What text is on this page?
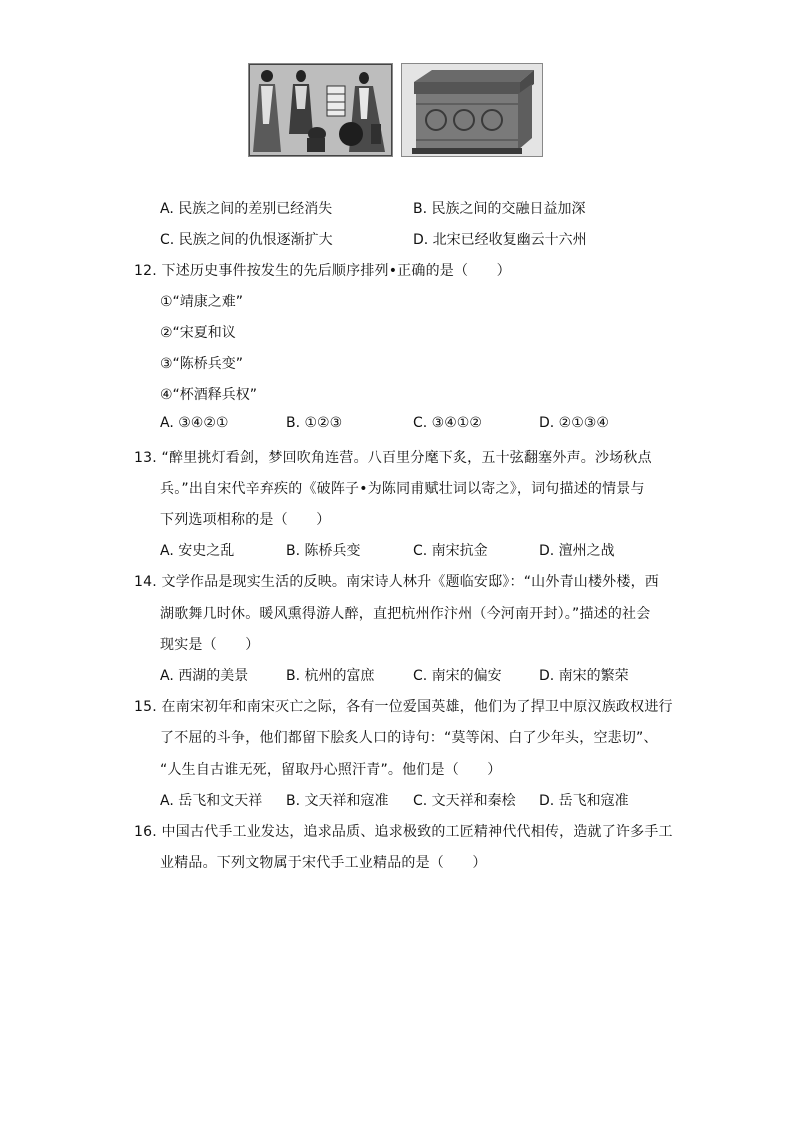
A. 民族之间的差别已经消失	B. 民族之间的交融日益加深
C. 民族之间的仇恨逐渐扩大	D. 北宋已经收复幽云十六州
12. 下述历史事件按发生的先后顺序排列•正确的是（　　）
①“靖康之难”
②“宋夏和议
③“陈桥兵变”
④“杯酒释兵权”
A. ③④②①	B. ①②③	C. ③④①②	D. ②①③④
13. “醉里挑灯看剑，梦回吹角连营。八百里分麾下炙，五十弦翻塞外声。沙场秋点
兵。”出自宋代辛弃疾的《破阵子•为陈同甫赋壮词以寄之》，词句描述的情景与
下列选项相称的是（　　）
A. 安史之乱	B. 陈桥兵变	C. 南宋抗金	D. 澶州之战
14. 文学作品是现实生活的反映。南宋诗人林升《题临安邸》：“山外青山楼外楼，西
湖歌舞几时休。暖风熏得游人醉，直把杭州作汴州（今河南开封）。”描述的社会
现实是（　　）
A. 西湖的美景	B. 杭州的富庶	C. 南宋的偏安	D. 南宋的繁荣
15. 在南宋初年和南宋灭亡之际，各有一位爱国英雄，他们为了捍卫中原汉族政权进行
了不屈的斗争，他们都留下脍炙人口的诗句：“莫等闲、白了少年头，空悲切”、
“人生自古谁无死，留取丹心照汗青”。他们是（　　）
A. 岳飞和文天祥 B. 文天祥和寇准 C. 文天祥和秦桧 D. 岳飞和寇准
16. 中国古代手工业发达，追求品质、追求极致的工匠精神代代相传，造就了许多手工
业精品。下列文物属于宋代手工业精品的是（　　）
